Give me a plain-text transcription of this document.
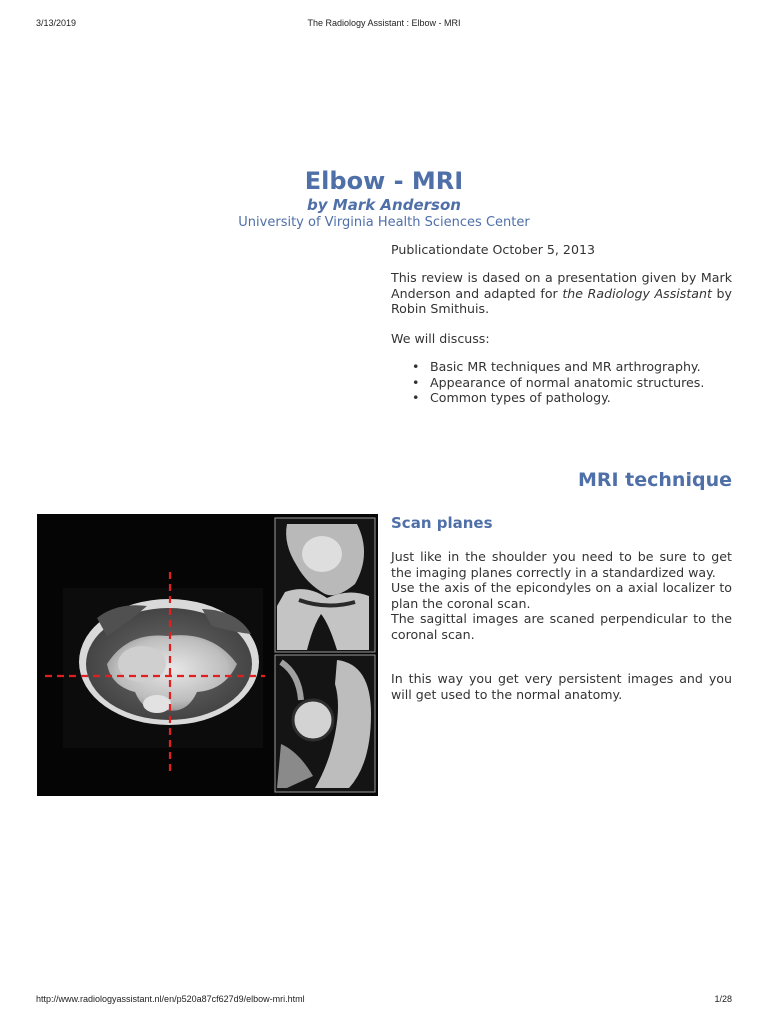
3/13/2019	The Radiology Assistant : Elbow - MRI
Elbow - MRI
by Mark Anderson
University of Virginia Health Sciences Center

Publicationdate October 5, 2013

This review is dased on a presentation given by Mark Anderson and adapted for the Radiology Assistant by Robin Smithuis.

We will discuss:

• Basic MR techniques and MR arthrography.
• Appearance of normal anatomic structures.
• Common types of pathology.
MRI technique
Scan planes

Just like in the shoulder you need to be sure to get the imaging planes correctly in a standardized way.

Use the axis of the epicondyles on a axial localizer to plan the coronal scan.

The sagittal images are scaned perpendicular to the coronal scan.

In this way you get very persistent images and you will get used to the normal anatomy.

http://www.radiologyassistant.nl/en/p520a87cf627d9/elbow-mri.html	1/28
